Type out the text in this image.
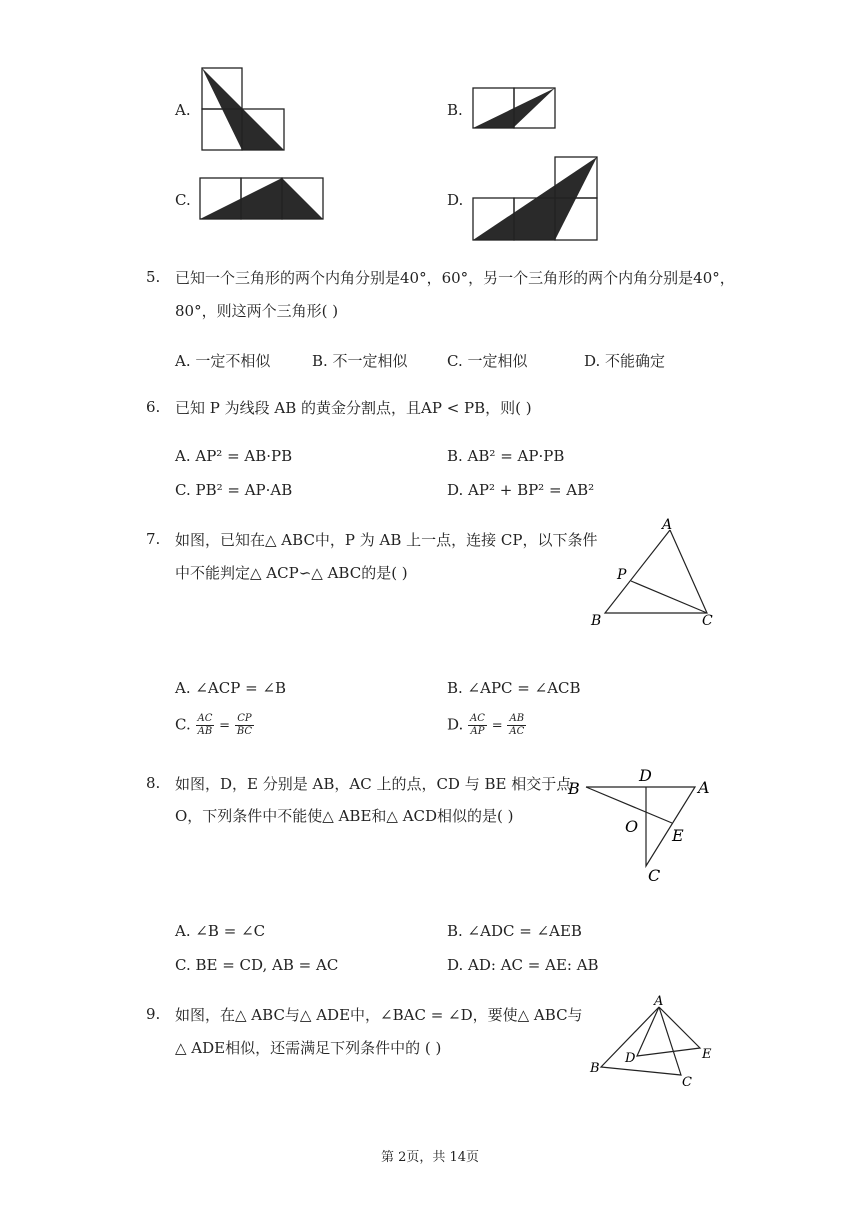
A.	B.
C.	D.
5. 已知一个三角形的两个内角分别是40°，60°，另一个三角形的两个内角分别是40°，
80°，则这两个三角形( )
A. 一定不相似	B. 不一定相似	C. 一定相似	D. 不能确定
6. 已知 P 为线段 AB 的黄金分割点，且AP < PB，则( )
A. AP² = AB·PB	B. AB² = AP·PB
C. PB² = AP·AB	D. AP² + BP² = AB²
7. 如图，已知在△ ABC中，P 为 AB 上一点，连接 CP，以下条件
中不能判定△ ACP∽△ ABC的是( )
A
P
B	C
A. ∠ACP = ∠B	B. ∠APC = ∠ACB
C. $\frac{AC}{AB} = \frac{CP}{BC}$	D. $\frac{AC}{AP} = \frac{AB}{AC}$
8. 如图，D，E 分别是 AB，AC 上的点，CD 与 BE 相交于点
O，下列条件中不能使△ ABE和△ ACD相似的是( )
D
B	A
O E
C
A. ∠B = ∠C	B. ∠ADC = ∠AEB
C. BE = CD, AB = AC	D. AD: AC = AE: AB
9. 如图，在△ ABC与△ ADE中，∠BAC = ∠D，要使△ ABC与
△ ADE相似，还需满足下列条件中的 ( )
A
D	E
B
C
第 2页，共 14页
